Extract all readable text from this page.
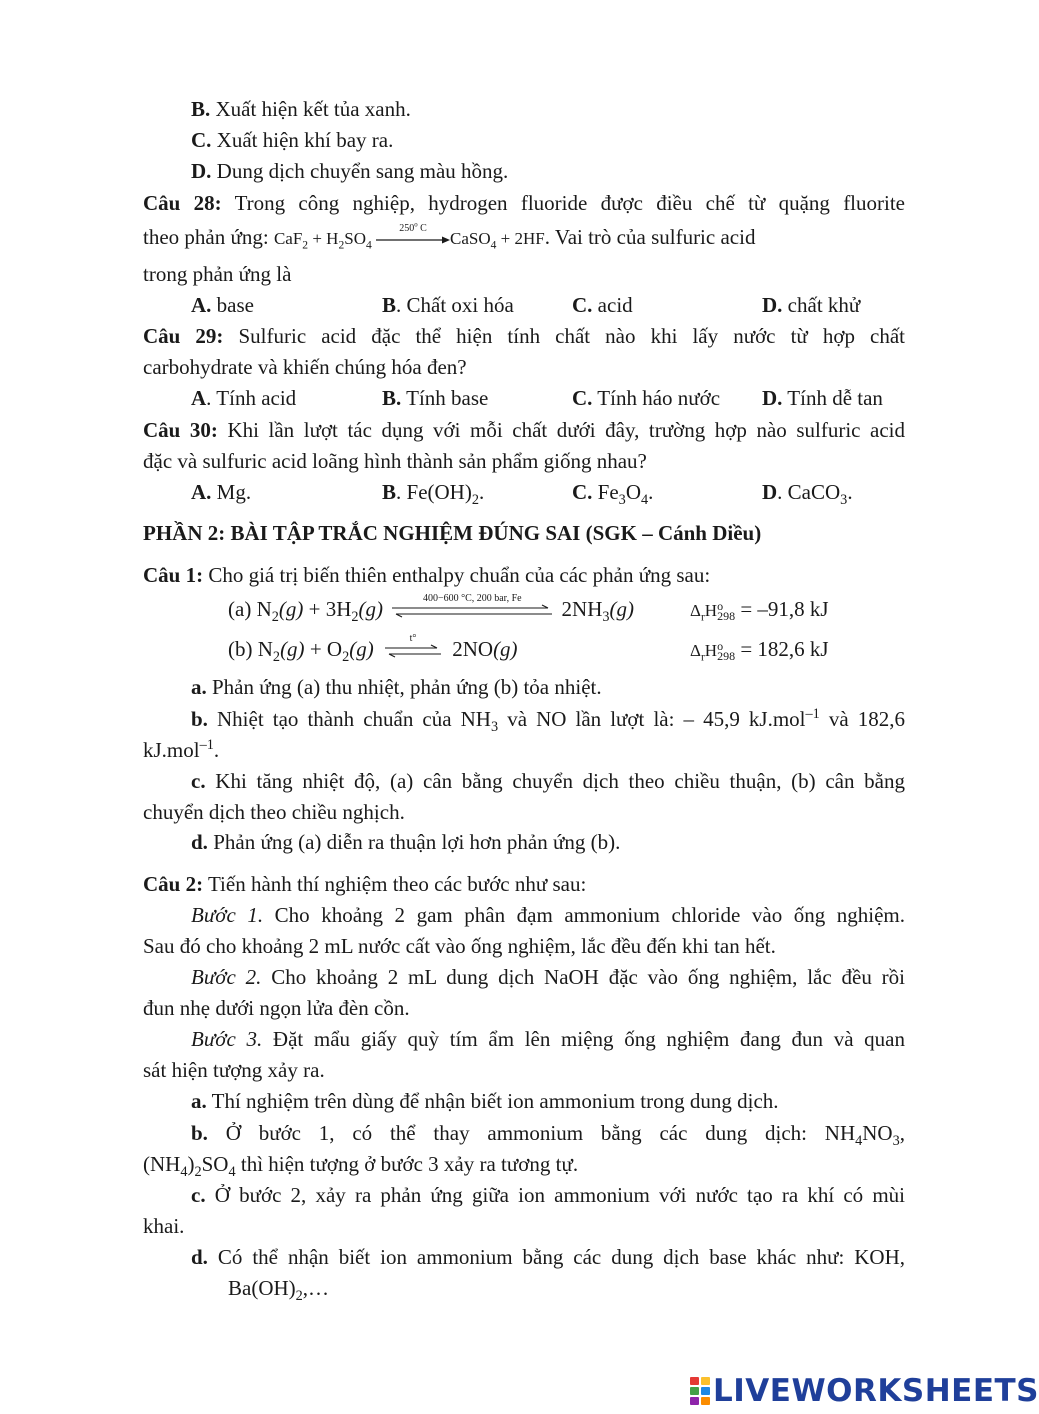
B. Xuất hiện kết tủa xanh.
C. Xuất hiện khí bay ra.
D. Dung dịch chuyển sang màu hồng.
Câu 28: Trong công nghiệp, hydrogen fluoride được điều chế từ quặng fluorite
theo phản ứng: $CaF_2 + H_2SO_4$
250$^o$ C
CaSO$_4$ + 2HF. Vai trò của sulfuric acid
trong phản ứng là
A. base	B. Chất oxi hóa	C. acid	D. chất khử
Câu 29: Sulfuric acid đặc thể hiện tính chất nào khi lấy nước từ hợp chất
carbohydrate và khiến chúng hóa đen?
A. Tính acid	B. Tính base	C. Tính háo nước D. Tính dễ tan
Câu 30: Khi lần lượt tác dụng với mỗi chất dưới đây, trường hợp nào sulfuric acid
đặc và sulfuric acid loãng hình thành sản phẩm giống nhau?
A. Mg.	B. $Fe(OH)_2$.	C. $Fe_3O_4$.	D. CaCO$_3$.
PHẦN 2: BÀI TẬP TRẮC NGHIỆM ĐÚNG SAI (SGK – Cánh Diều)
Câu 1: Cho giá trị biến thiên enthalpy chuẩn của các phản ứng sau:
(a) $N_2(g) + 3H_2(g)$	400−600 °C, 200 bar, Fe	$2NH_3(g)$	$\Delta_rH$ o
298 = –91,8 kJ
(b) $N_2(g) + O_2(g)$	t°	2NO(g)	$\Delta_rH$ o
298 = 182,6 kJ
a. Phản ứng (a) thu nhiệt, phản ứng (b) tỏa nhiệt.
b. Nhiệt tạo thành chuẩn của $NH_3$ và NO lần lượt là: – 45,9 kJ.mol$^{-1}$ và 182,6
kJ.mol$^{-1}$.
c. Khi tăng nhiệt độ, (a) cân bằng chuyển dịch theo chiều thuận, (b) cân bằng
chuyển dịch theo chiều nghịch.
d. Phản ứng (a) diễn ra thuận lợi hơn phản ứng (b).
Câu 2: Tiến hành thí nghiệm theo các bước như sau:
Bước 1. Cho khoảng 2 gam phân đạm ammonium chloride vào ống nghiệm.
Sau đó cho khoảng 2 mL nước cất vào ống nghiệm, lắc đều đến khi tan hết.
Bước 2. Cho khoảng 2 mL dung dịch NaOH đặc vào ống nghiệm, lắc đều rồi
đun nhẹ dưới ngọn lửa đèn cồn.
Bước 3. Đặt mẩu giấy quỳ tím ẩm lên miệng ống nghiệm đang đun và quan
sát hiện tượng xảy ra.
a. Thí nghiệm trên dùng để nhận biết ion ammonium trong dung dịch.
b. Ở bước 1, có thể thay ammonium bằng các dung dịch: $NH_4NO_3$,
$(NH_4)_2SO_4$ thì hiện tượng ở bước 3 xảy ra tương tự.
c. Ở bước 2, xảy ra phản ứng giữa ion ammonium với nước tạo ra khí có mùi
khai.
d. Có thể nhận biết ion ammonium bằng các dung dịch base khác như: KOH,
$Ba(OH)_2,\dots$
LIVEWORKSHEETS
